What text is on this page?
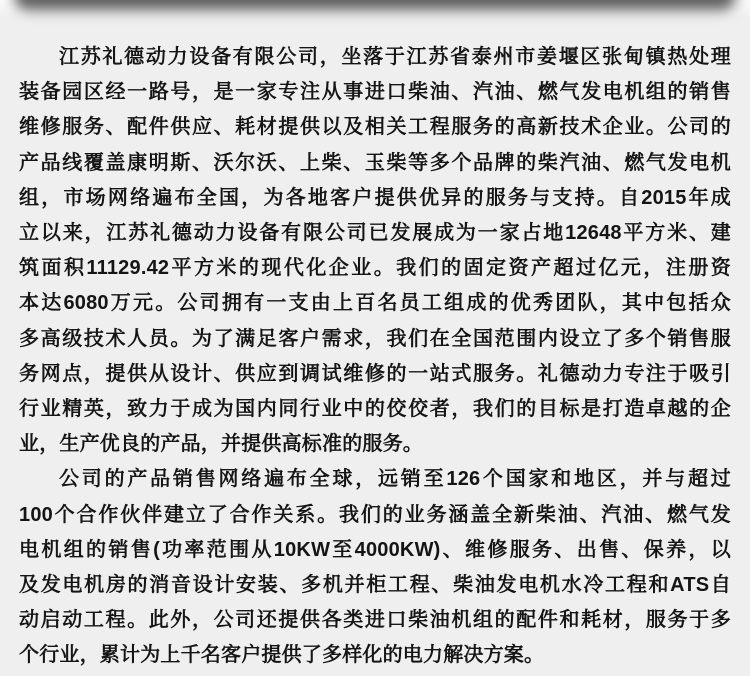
江苏礼德动力设备有限公司，坐落于江苏省泰州市姜堰区张甸镇热处理
装备园区经一路号，是一家专注从事进口柴油、汽油、燃气发电机组的销售
维修服务、配件供应、耗材提供以及相关工程服务的高新技术企业。公司的
产品线覆盖康明斯、沃尔沃、上柴、玉柴等多个品牌的柴汽油、燃气发电机
组，市场网络遍布全国，为各地客户提供优异的服务与支持。自2015年成
立以来，江苏礼德动力设备有限公司已发展成为一家占地12648平方米、建
筑面积11129.42平方米的现代化企业。我们的固定资产超过亿元，注册资
本达6080万元。公司拥有一支由上百名员工组成的优秀团队，其中包括众
多高级技术人员。为了满足客户需求，我们在全国范围内设立了多个销售服
务网点，提供从设计、供应到调试维修的一站式服务。礼德动力专注于吸引
行业精英，致力于成为国内同行业中的佼佼者，我们的目标是打造卓越的企
业，生产优良的产品，并提供高标准的服务。
公司的产品销售网络遍布全球，远销至126个国家和地区，并与超过
100个合作伙伴建立了合作关系。我们的业务涵盖全新柴油、汽油、燃气发
电机组的销售(功率范围从10KW至4000KW)、维修服务、出售、保养，以
及发电机房的消音设计安装、多机并柜工程、柴油发电机水冷工程和ATS自
动启动工程。此外，公司还提供各类进口柴油机组的配件和耗材，服务于多
个行业，累计为上千名客户提供了多样化的电力解决方案。
